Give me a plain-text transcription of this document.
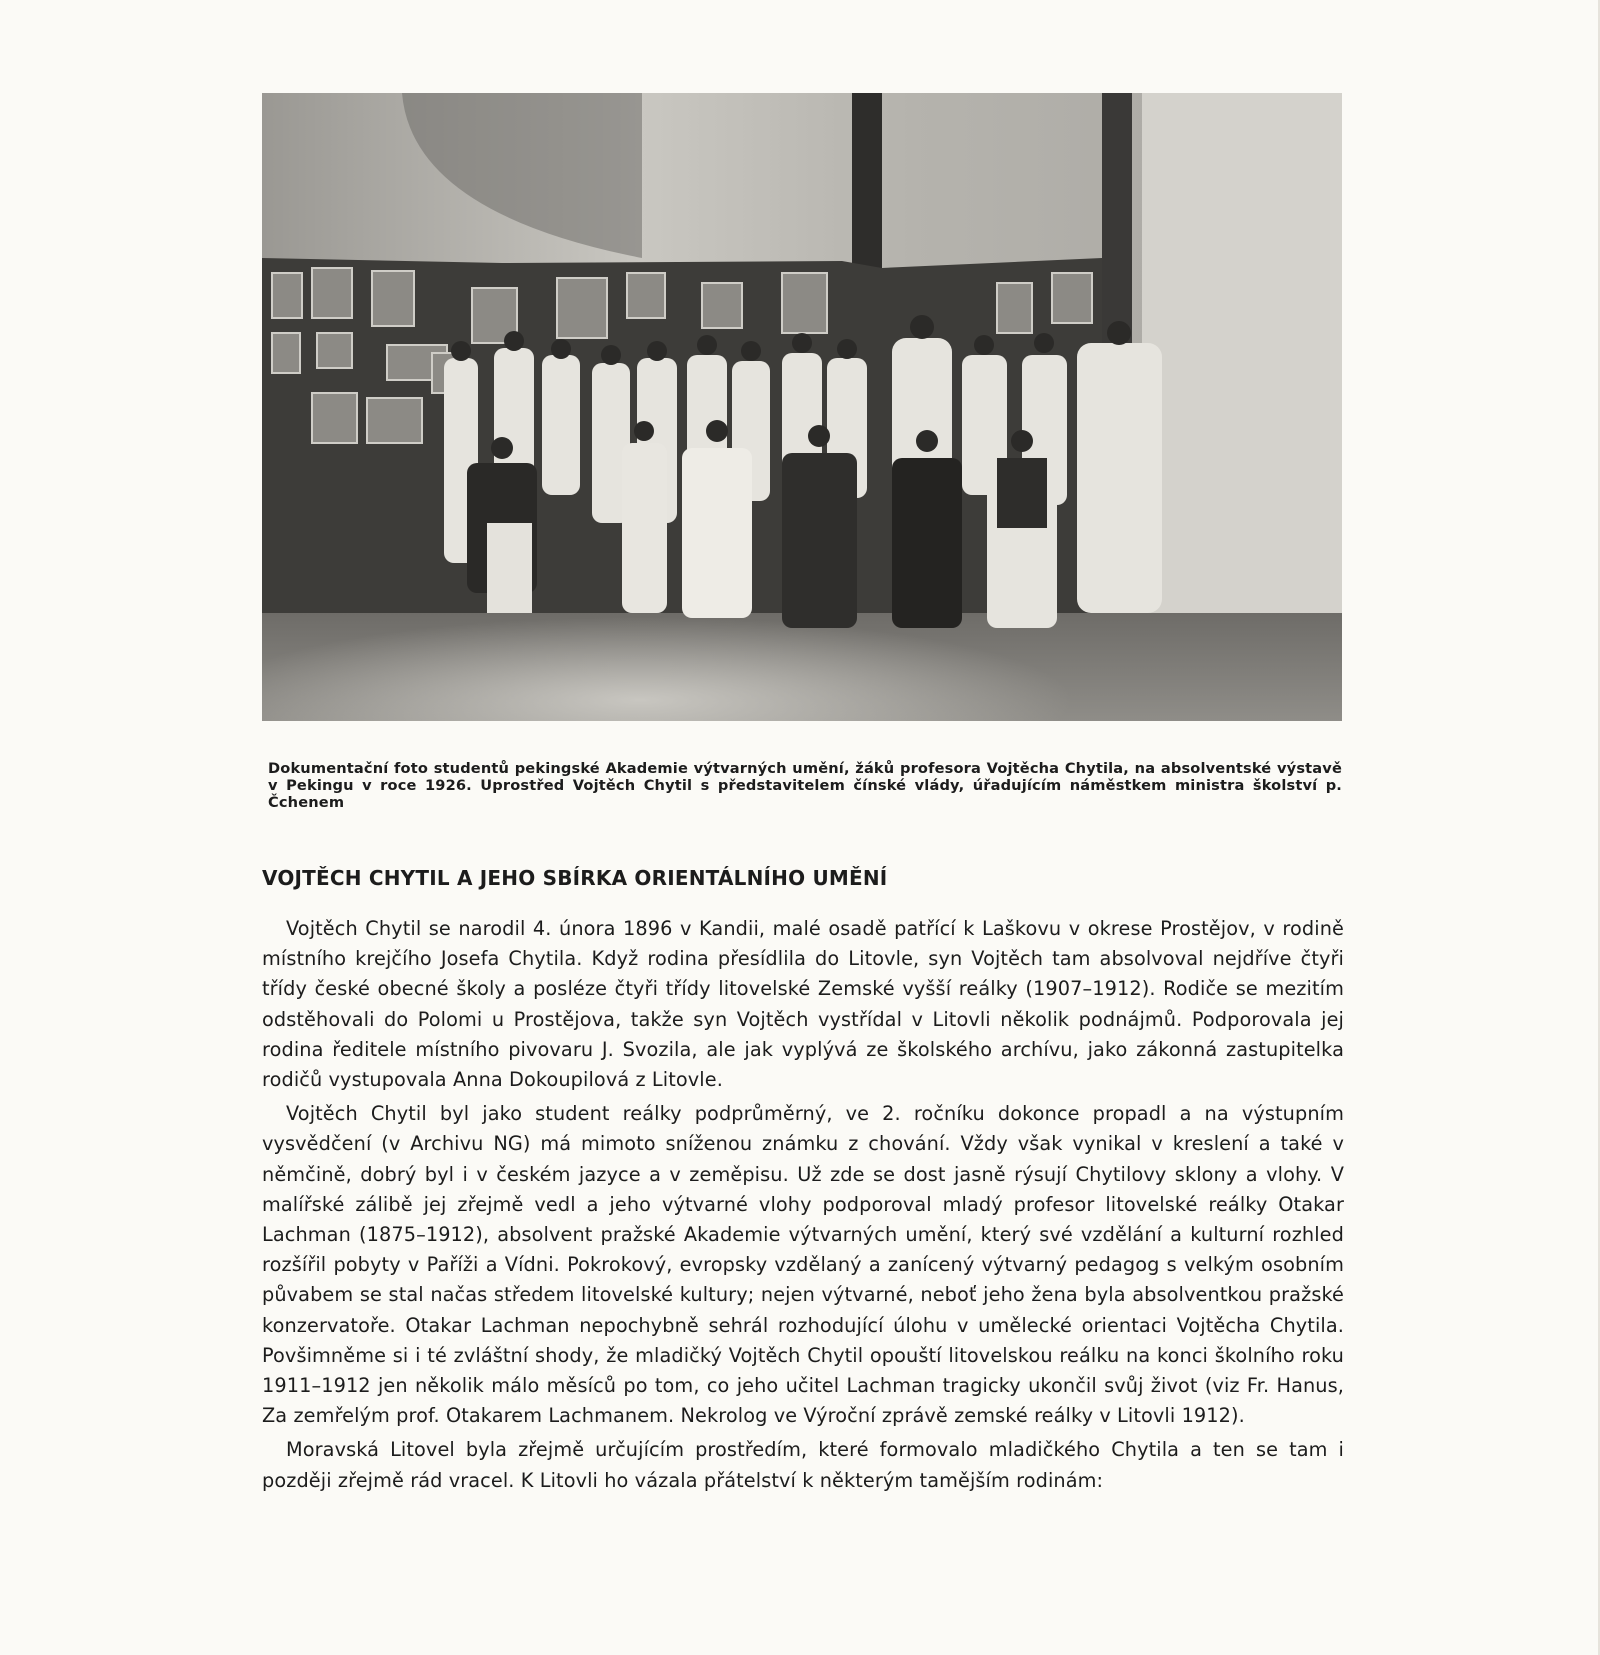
Dokumentační foto studentů pekingské Akademie výtvarných umění, žáků profesora Vojtěcha Chytila, na absolventské výstavě v Pekingu v roce 1926. Uprostřed Vojtěch Chytil s představitelem čínské vlády, úřadujícím náměstkem ministra školství p. Čchenem
VOJTĚCH CHYTIL A JEHO SBÍRKA ORIENTÁLNÍHO UMĚNÍ

Vojtěch Chytil se narodil 4. února 1896 v Kandii, malé osadě patřící k Laškovu v okrese Prostějov, v rodině místního krejčího Josefa Chytila. Když rodina přesídlila do Litovle, syn Vojtěch tam absolvoval nejdříve čtyři třídy české obecné školy a posléze čtyři třídy litovelské Zemské vyšší reálky (1907–1912). Rodiče se mezitím odstěhovali do Polomi u Prostějova, takže syn Vojtěch vystřídal v Litovli několik podnájmů. Podporovala jej rodina ředitele místního pivovaru J. Svozila, ale jak vyplývá ze školského archívu, jako zákonná zastupitelka rodičů vystupovala Anna Dokoupilová z Litovle.

Vojtěch Chytil byl jako student reálky podprůměrný, ve 2. ročníku dokonce propadl a na výstupním vysvědčení (v Archivu NG) má mimoto sníženou známku z chování. Vždy však vynikal v kreslení a také v němčině, dobrý byl i v českém jazyce a v zeměpisu. Už zde se dost jasně rýsují Chytilovy sklony a vlohy. V malířské zálibě jej zřejmě vedl a jeho výtvarné vlohy podporoval mladý profesor litovelské reálky Otakar Lachman (1875–1912), absolvent pražské Akademie výtvarných umění, který své vzdělání a kulturní rozhled rozšířil pobyty v Paříži a Vídni. Pokrokový, evropsky vzdělaný a zanícený výtvarný pedagog s velkým osobním půvabem se stal načas středem litovelské kultury; nejen výtvarné, neboť jeho žena byla absolventkou pražské konzervatoře. Otakar Lachman nepochybně sehrál rozhodující úlohu v umělecké orientaci Vojtěcha Chytila. Povšimněme si i té zvláštní shody, že mladičký Vojtěch Chytil opouští litovelskou reálku na konci školního roku 1911–1912 jen několik málo měsíců po tom, co jeho učitel Lachman tragicky ukončil svůj život (viz Fr. Hanus, Za zemřelým prof. Otakarem Lachmanem. Nekrolog ve Výroční zprávě zemské reálky v Litovli 1912).

Moravská Litovel byla zřejmě určujícím prostředím, které formovalo mladičkého Chytila a ten se tam i později zřejmě rád vracel. K Litovli ho vázala přátelství k některým tamějším rodinám:
